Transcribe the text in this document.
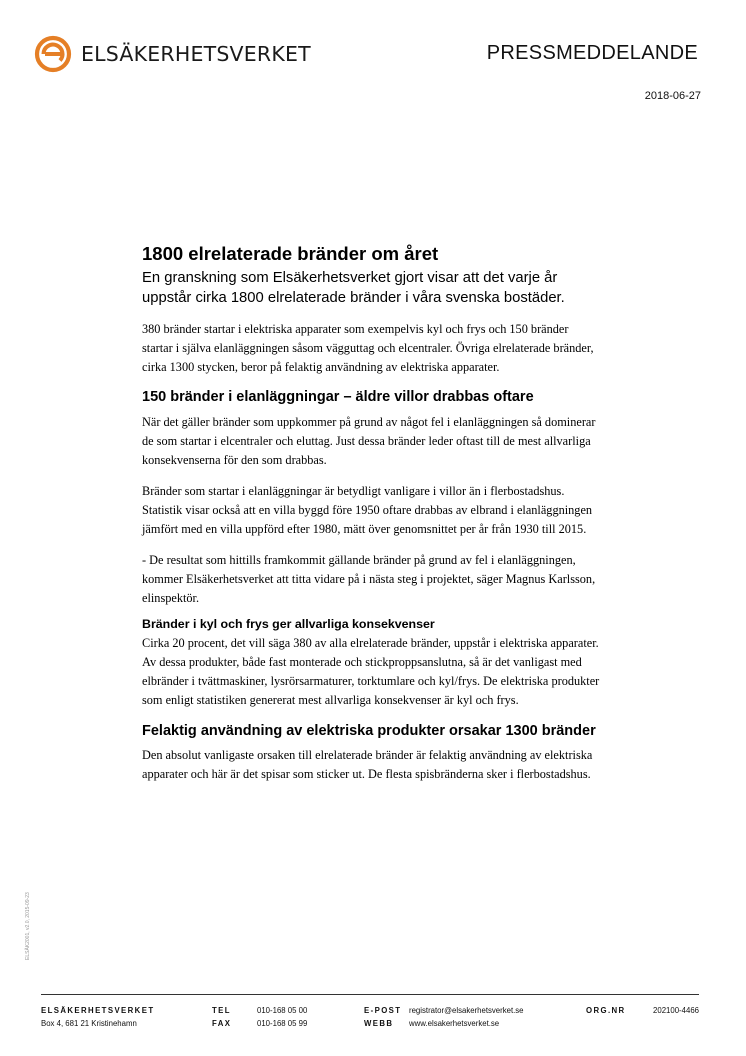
ELSÄKERHETSVERKET	PRESSMEDDELANDE
2018-06-27
1800 elrelaterade bränder om året

En granskning som Elsäkerhetsverket gjort visar att det varje år uppstår cirka 1800 elrelaterade bränder i våra svenska bostäder.

380 bränder startar i elektriska apparater som exempelvis kyl och frys och 150 bränder startar i själva elanläggningen såsom vägguttag och elcentraler. Övriga elrelaterade bränder, cirka 1300 stycken, beror på felaktig användning av elektriska apparater.

150 bränder i elanläggningar – äldre villor drabbas oftare

När det gäller bränder som uppkommer på grund av något fel i elanläggningen så dominerar de som startar i elcentraler och eluttag. Just dessa bränder leder oftast till de mest allvarliga konsekvenserna för den som drabbas.

Bränder som startar i elanläggningar är betydligt vanligare i villor än i flerbostadshus. Statistik visar också att en villa byggd före 1950 oftare drabbas av elbrand i elanläggningen jämfört med en villa uppförd efter 1980, mätt över genomsnittet per år från 1930 till 2015.

- De resultat som hittills framkommit gällande bränder på grund av fel i elanläggningen, kommer Elsäkerhetsverket att titta vidare på i nästa steg i projektet, säger Magnus Karlsson, elinspektör.

Bränder i kyl och frys ger allvarliga konsekvenser

Cirka 20 procent, det vill säga 380 av alla elrelaterade bränder, uppstår i elektriska apparater. Av dessa produkter, både fast monterade och stickproppsanslutna, så är det vanligast med elbränder i tvättmaskiner, lysrörsarmaturer, torktumlare och kyl/frys. De elektriska produkter som enligt statistiken genererat mest allvarliga konsekvenser är kyl och frys.

Felaktig användning av elektriska produkter orsakar 1300 bränder

Den absolut vanligaste orsaken till elrelaterade bränder är felaktig användning av elektriska apparater och här är det spisar som sticker ut. De flesta spisbränderna sker i flerbostadshus.

ELSÄK2001, v2.0, 2015-09-23
ELSÄKERHETSVERKET
Box 4, 681 21 Kristinehamn
TEL
FAX
010-168 05 00
010-168 05 99
E-POST
WEBB
registrator@elsakerhetsverket.se
www.elsakerhetsverket.se
ORG.NR	202100-4466
